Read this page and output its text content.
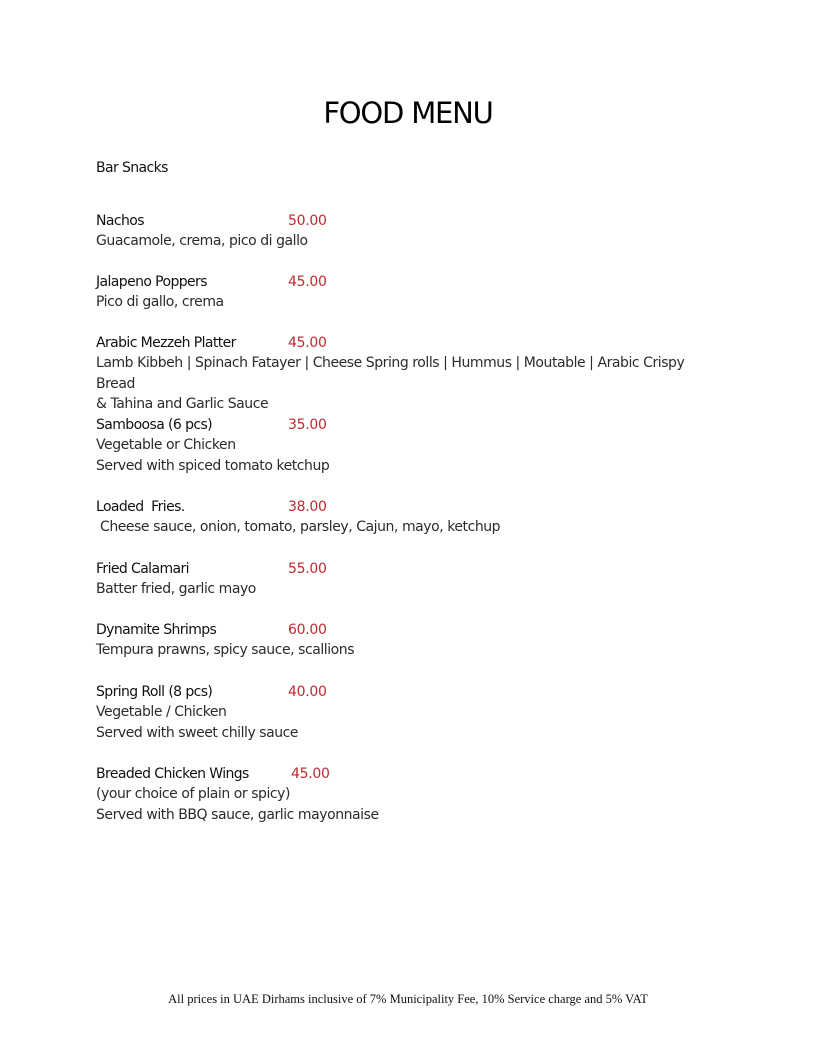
FOOD MENU
Bar Snacks
Nachos	50.00
Guacamole, crema, pico di gallo
Jalapeno Poppers	45.00
Pico di gallo, crema
Arabic Mezzeh Platter	45.00
Lamb Kibbeh | Spinach Fatayer | Cheese Spring rolls | Hummus | Moutable | Arabic Crispy Bread
& Tahina and Garlic Sauce
Samboosa (6 pcs)	35.00
Vegetable or Chicken
Served with spiced tomato ketchup
Loaded  Fries.	38.00
Cheese sauce, onion, tomato, parsley, Cajun, mayo, ketchup
Fried Calamari	55.00
Batter fried, garlic mayo
Dynamite Shrimps	60.00
Tempura prawns, spicy sauce, scallions
Spring Roll (8 pcs)	40.00
Vegetable / Chicken
Served with sweet chilly sauce
Breaded Chicken Wings	45.00
(your choice of plain or spicy)
Served with BBQ sauce, garlic mayonnaise
All prices in UAE Dirhams inclusive of 7% Municipality Fee, 10% Service charge and 5% VAT
